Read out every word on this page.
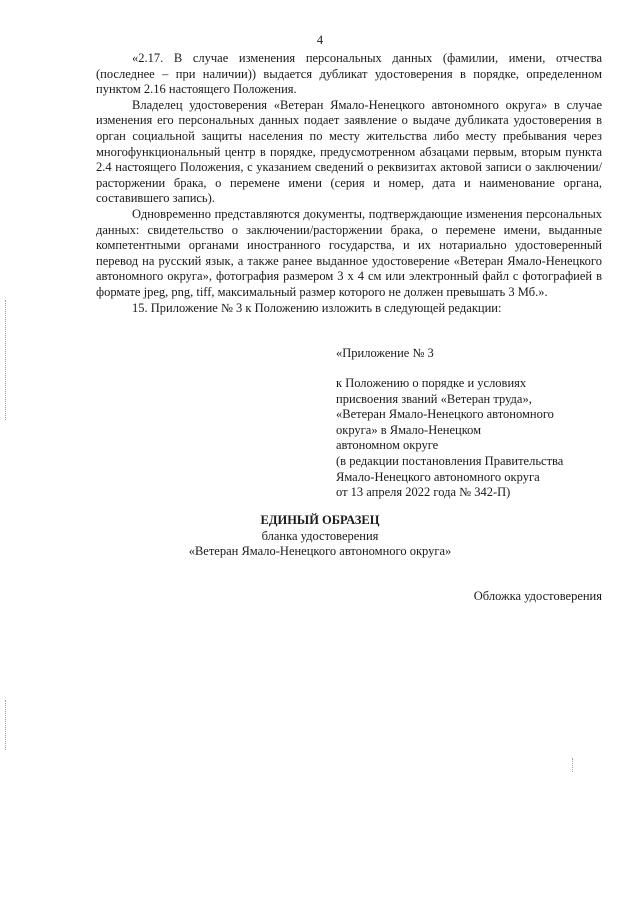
4

«2.17. В случае изменения персональных данных (фамилии, имени, отчества (последнее – при наличии)) выдается дубликат удостоверения в порядке, определенном пунктом 2.16 настоящего Положения.

Владелец удостоверения «Ветеран Ямало-Ненецкого автономного округа» в случае изменения его персональных данных подает заявление о выдаче дубликата удостоверения в орган социальной защиты населения по месту жительства либо месту пребывания через многофункциональный центр в порядке, предусмотренном абзацами первым, вторым пункта 2.4 настоящего Положения, с указанием сведений о реквизитах актовой записи о заключении/расторжении брака, о перемене имени (серия и номер, дата и наименование органа, составившего запись).

Одновременно представляются документы, подтверждающие изменения персональных данных: свидетельство о заключении/расторжении брака, о перемене имени, выданные компетентными органами иностранного государства, и их нотариально удостоверенный перевод на русский язык, а также ранее выданное удостоверение «Ветеран Ямало-Ненецкого автономного округа», фотография размером 3 х 4 см или электронный файл с фотографией в формате jpeg, png, tiff, максимальный размер которого не должен превышать 3 Мб.».

15. Приложение № 3 к Положению изложить в следующей редакции:

«Приложение № 3
к Положению о порядке и условиях
присвоения званий «Ветеран труда»,
«Ветеран Ямало-Ненецкого автономного
округа» в Ямало-Ненецком
автономном округе
(в редакции постановления Правительства
Ямало-Ненецкого автономного округа
от 13 апреля 2022 года № 342-П)
ЕДИНЫЙ ОБРАЗЕЦ
бланка удостоверения
«Ветеран Ямало-Ненецкого автономного округа»
Обложка удостоверения
